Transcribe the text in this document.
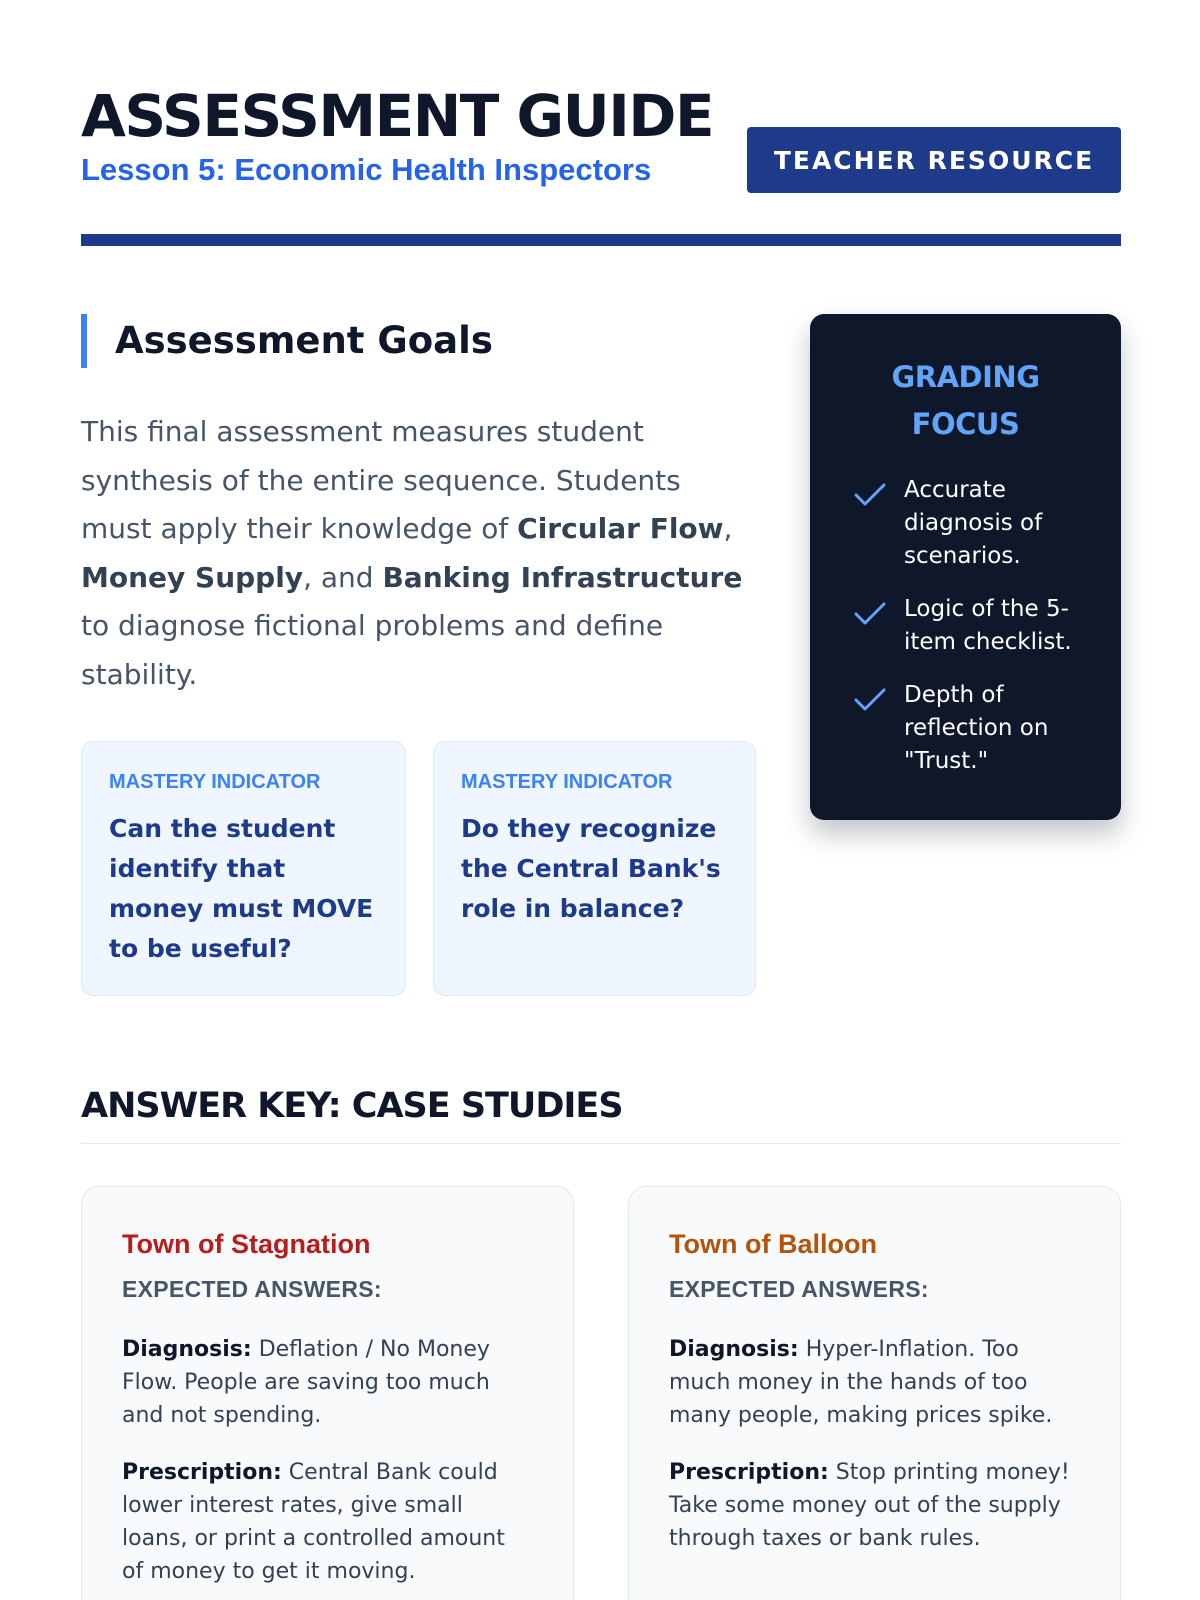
ASSESSMENT GUIDE
Lesson 5: Economic Health Inspectors	TEACHER RESOURCE
Assessment Goals

This final assessment measures student synthesis of the entire sequence. Students must apply their knowledge of Circular Flow, Money Supply, and Banking Infrastructure to diagnose fictional problems and define stability.

MASTERY INDICATOR
Can the student identify that money must MOVE to be useful?
MASTERY INDICATOR
Do they recognize the Central Bank's role in balance?
GRADING FOCUS
Accurate diagnosis of scenarios.
Logic of the 5-item checklist.
Depth of reflection on "Trust."
ANSWER KEY: CASE STUDIES
Town of Stagnation
EXPECTED ANSWERS:

Diagnosis: Deflation / No Money Flow. People are saving too much and not spending.

Prescription: Central Bank could lower interest rates, give small loans, or print a controlled amount of money to get it moving.

Town of Balloon
EXPECTED ANSWERS:

Diagnosis: Hyper-Inflation. Too much money in the hands of too many people, making prices spike.

Prescription: Stop printing money! Take some money out of the supply through taxes or bank rules.
